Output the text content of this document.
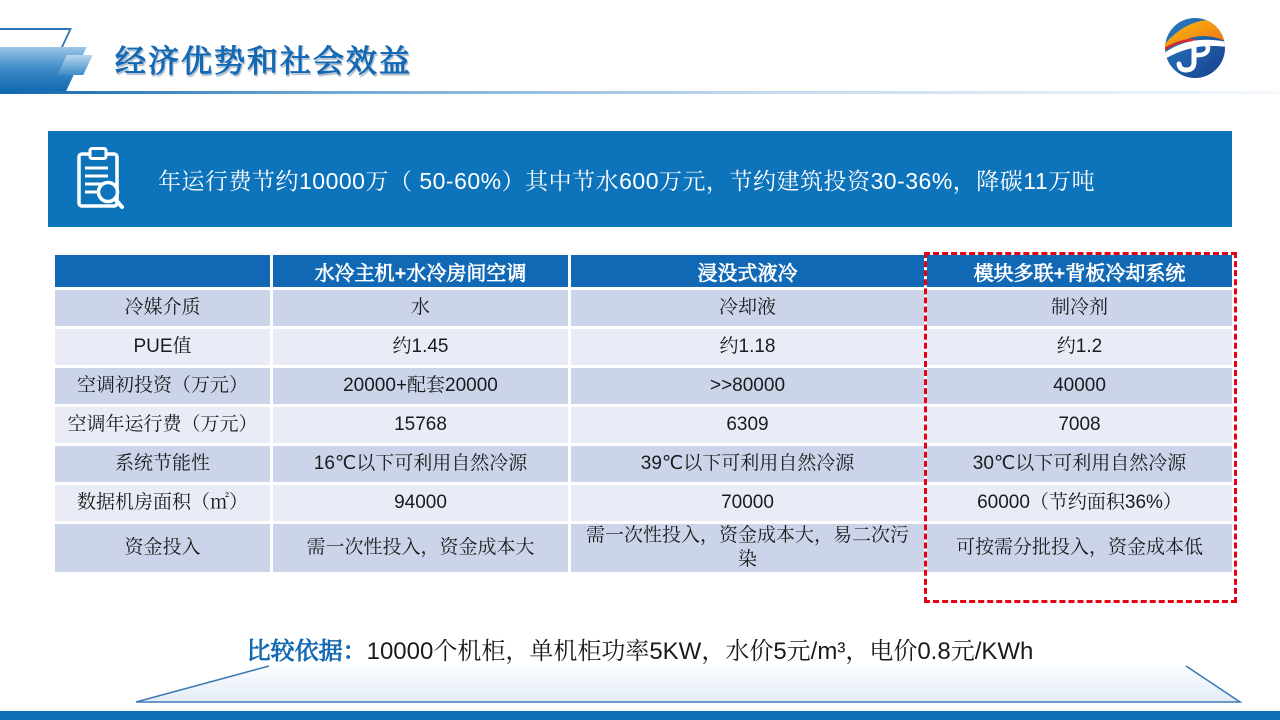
经济优势和社会效益
年运行费节约10000万（ 50-60%）其中节水600万元，节约建筑投资30-36%，降碳11万吨
	水冷主机+水冷房间空调	浸没式液冷	模块多联+背板冷却系统
冷媒介质	水	冷却液	制冷剂
PUE值	约1.45	约1.18	约1.2
空调初投资（万元）	20000+配套20000	>>80000	40000
空调年运行费（万元）	15768	6309	7008
系统节能性	16℃以下可利用自然冷源	39℃以下可利用自然冷源	30℃以下可利用自然冷源
数据机房面积（㎡）	94000	70000	60000（节约面积36%）
资金投入	需一次性投入，资金成本大	需一次性投入，资金成本大，易二次污染	可按需分批投入，资金成本低
比较依据：10000个机柜，单机柜功率5KW，水价5元/m³，电价0.8元/KWh
